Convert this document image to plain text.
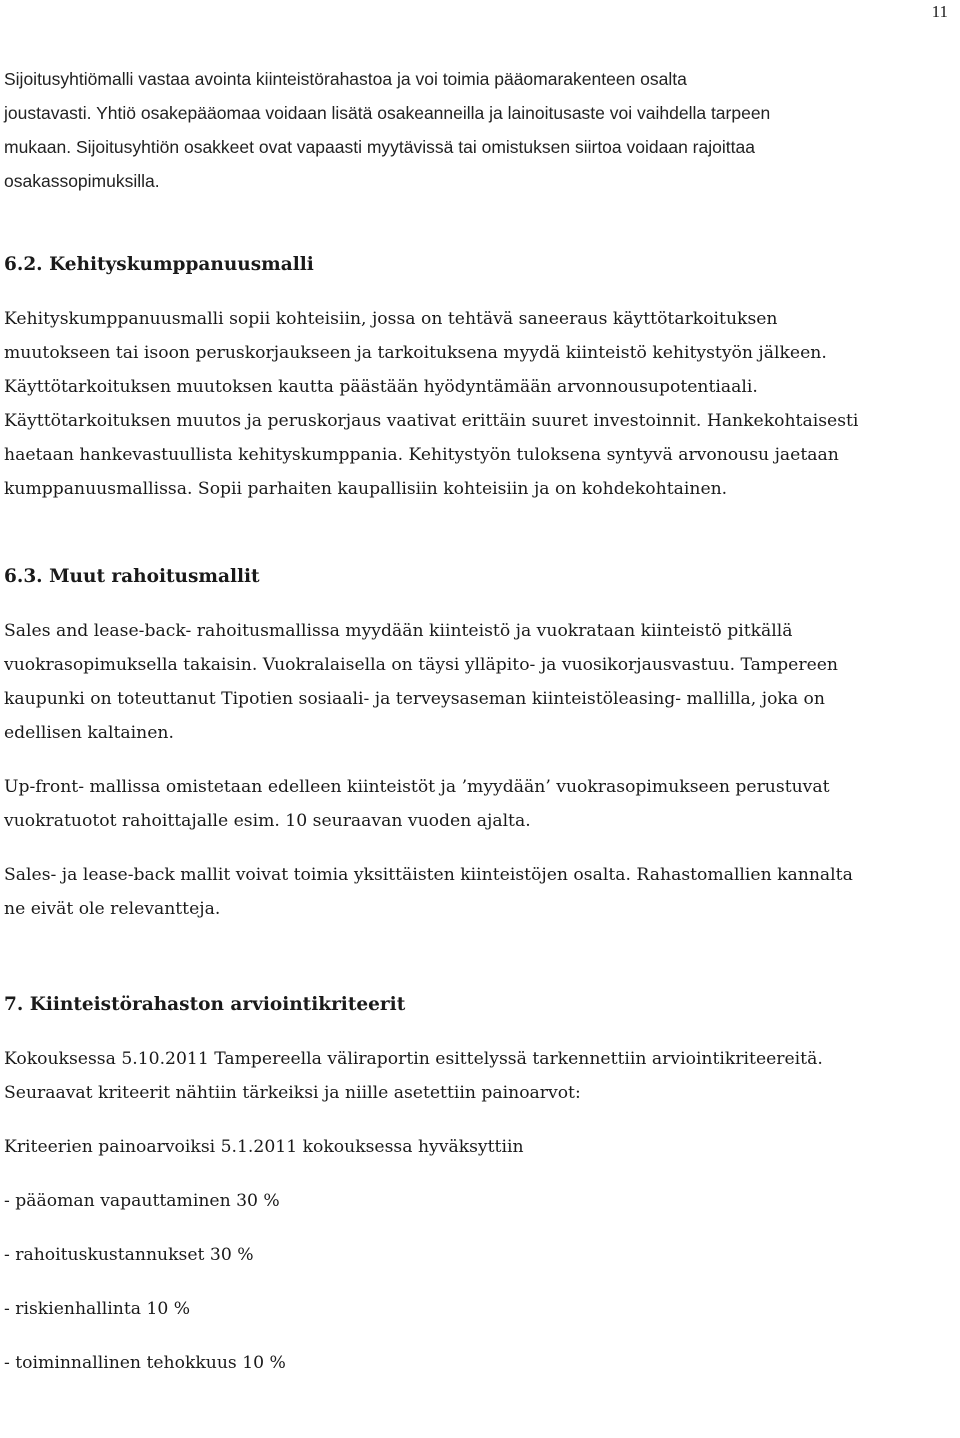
11

Sijoitusyhtiömalli vastaa avointa kiinteistörahastoa ja voi toimia pääomarakenteen osalta

joustavasti. Yhtiö osakepääomaa voidaan lisätä osakeanneilla ja lainoitusaste voi vaihdella tarpeen

mukaan. Sijoitusyhtiön osakkeet ovat vapaasti myytävissä tai omistuksen siirtoa voidaan rajoittaa

osakassopimuksilla.

6.2. Kehityskumppanuusmalli

Kehityskumppanuusmalli sopii kohteisiin, jossa on tehtävä saneeraus käyttötarkoituksen

muutokseen tai isoon peruskorjaukseen ja tarkoituksena myydä kiinteistö kehitystyön jälkeen.

Käyttötarkoituksen muutoksen kautta päästään hyödyntämään arvonnousupotentiaali.

Käyttötarkoituksen muutos ja peruskorjaus vaativat erittäin suuret investoinnit. Hankekohtaisesti

haetaan hankevastuullista kehityskumppania. Kehitystyön tuloksena syntyvä arvonousu jaetaan

kumppanuusmallissa. Sopii parhaiten kaupallisiin kohteisiin ja on kohdekohtainen.

6.3. Muut rahoitusmallit

Sales and lease-back- rahoitusmallissa myydään kiinteistö ja vuokrataan kiinteistö pitkällä

vuokrasopimuksella takaisin. Vuokralaisella on täysi ylläpito- ja vuosikorjausvastuu. Tampereen

kaupunki on toteuttanut Tipotien sosiaali- ja terveysaseman kiinteistöleasing- mallilla, joka on

edellisen kaltainen.

Up-front- mallissa omistetaan edelleen kiinteistöt ja ’myydään’ vuokrasopimukseen perustuvat

vuokratuotot rahoittajalle esim. 10 seuraavan vuoden ajalta.

Sales- ja lease-back mallit voivat toimia yksittäisten kiinteistöjen osalta. Rahastomallien kannalta

ne eivät ole relevantteja.

7. Kiinteistörahaston arviointikriteerit

Kokouksessa 5.10.2011 Tampereella väliraportin esittelyssä tarkennettiin arviointikriteereitä.

Seuraavat kriteerit nähtiin tärkeiksi ja niille asetettiin painoarvot:

Kriteerien painoarvoiksi 5.1.2011 kokouksessa hyväksyttiin

- pääoman vapauttaminen 30 %

- rahoituskustannukset 30 %

- riskienhallinta 10 %

- toiminnallinen tehokkuus 10 %
